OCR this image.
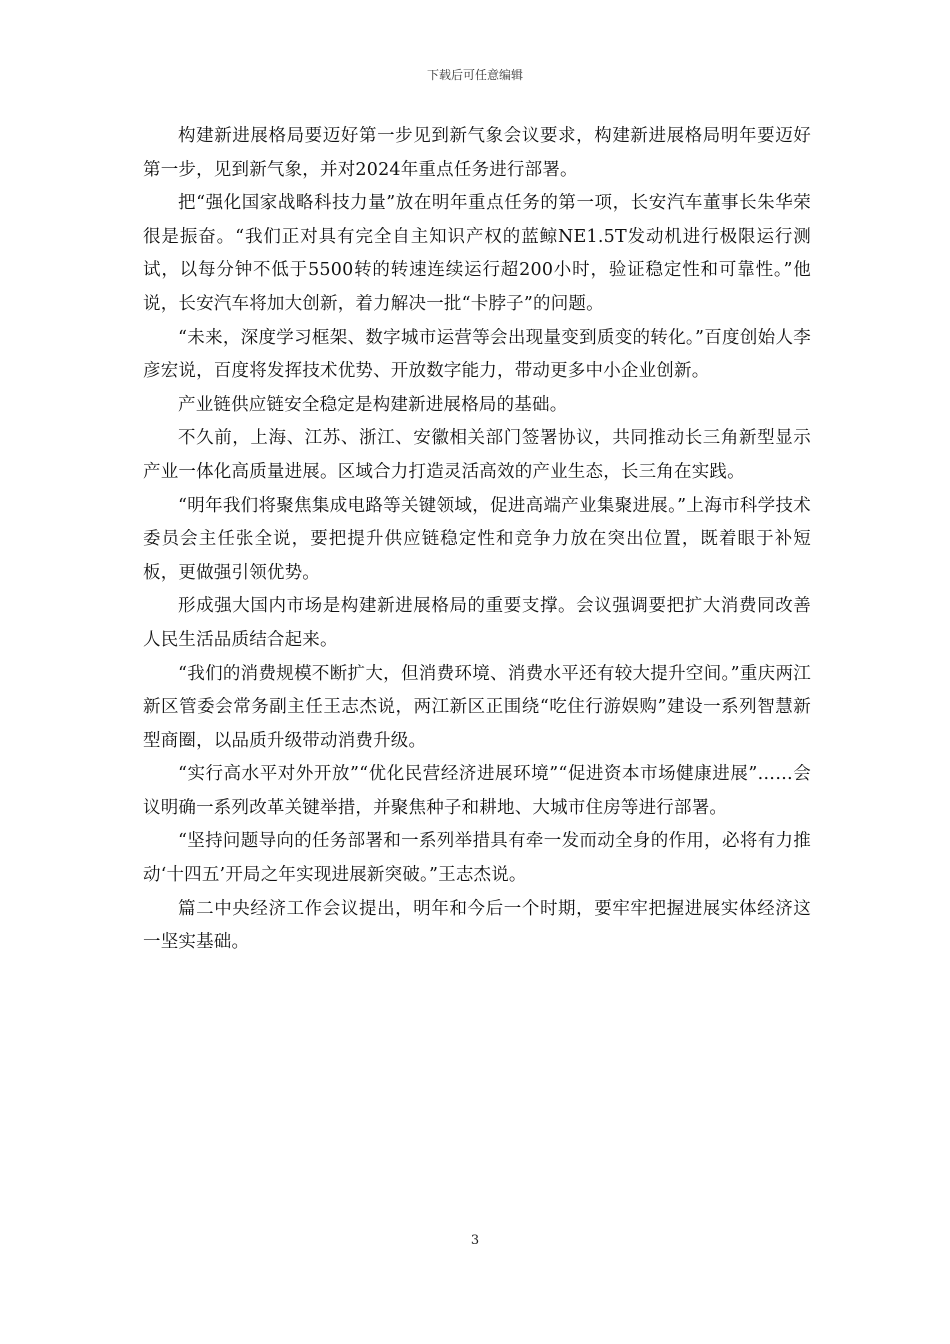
下载后可任意编辑

构建新进展格局要迈好第一步见到新气象会议要求，构建新进展格局明年要迈好第一步，见到新气象，并对2024年重点任务进行部署。

把“强化国家战略科技力量”放在明年重点任务的第一项，长安汽车董事长朱华荣很是振奋。“我们正对具有完全自主知识产权的蓝鲸NE1.5T发动机进行极限运行测试，以每分钟不低于5500转的转速连续运行超200小时，验证稳定性和可靠性。”他说，长安汽车将加大创新，着力解决一批“卡脖子”的问题。

“未来，深度学习框架、数字城市运营等会出现量变到质变的转化。”百度创始人李彦宏说，百度将发挥技术优势、开放数字能力，带动更多中小企业创新。

产业链供应链安全稳定是构建新进展格局的基础。

不久前，上海、江苏、浙江、安徽相关部门签署协议，共同推动长三角新型显示产业一体化高质量进展。区域合力打造灵活高效的产业生态，长三角在实践。

“明年我们将聚焦集成电路等关键领域，促进高端产业集聚进展。”上海市科学技术委员会主任张全说，要把提升供应链稳定性和竞争力放在突出位置，既着眼于补短板，更做强引领优势。

形成强大国内市场是构建新进展格局的重要支撑。会议强调要把扩大消费同改善人民生活品质结合起来。

“我们的消费规模不断扩大，但消费环境、消费水平还有较大提升空间。”重庆两江新区管委会常务副主任王志杰说，两江新区正围绕“吃住行游娱购”建设一系列智慧新型商圈，以品质升级带动消费升级。

“实行高水平对外开放”“优化民营经济进展环境”“促进资本市场健康进展”……会议明确一系列改革关键举措，并聚焦种子和耕地、大城市住房等进行部署。

“坚持问题导向的任务部署和一系列举措具有牵一发而动全身的作用，必将有力推动‘十四五’开局之年实现进展新突破。”王志杰说。

篇二中央经济工作会议提出，明年和今后一个时期，要牢牢把握进展实体经济这一坚实基础。

3
